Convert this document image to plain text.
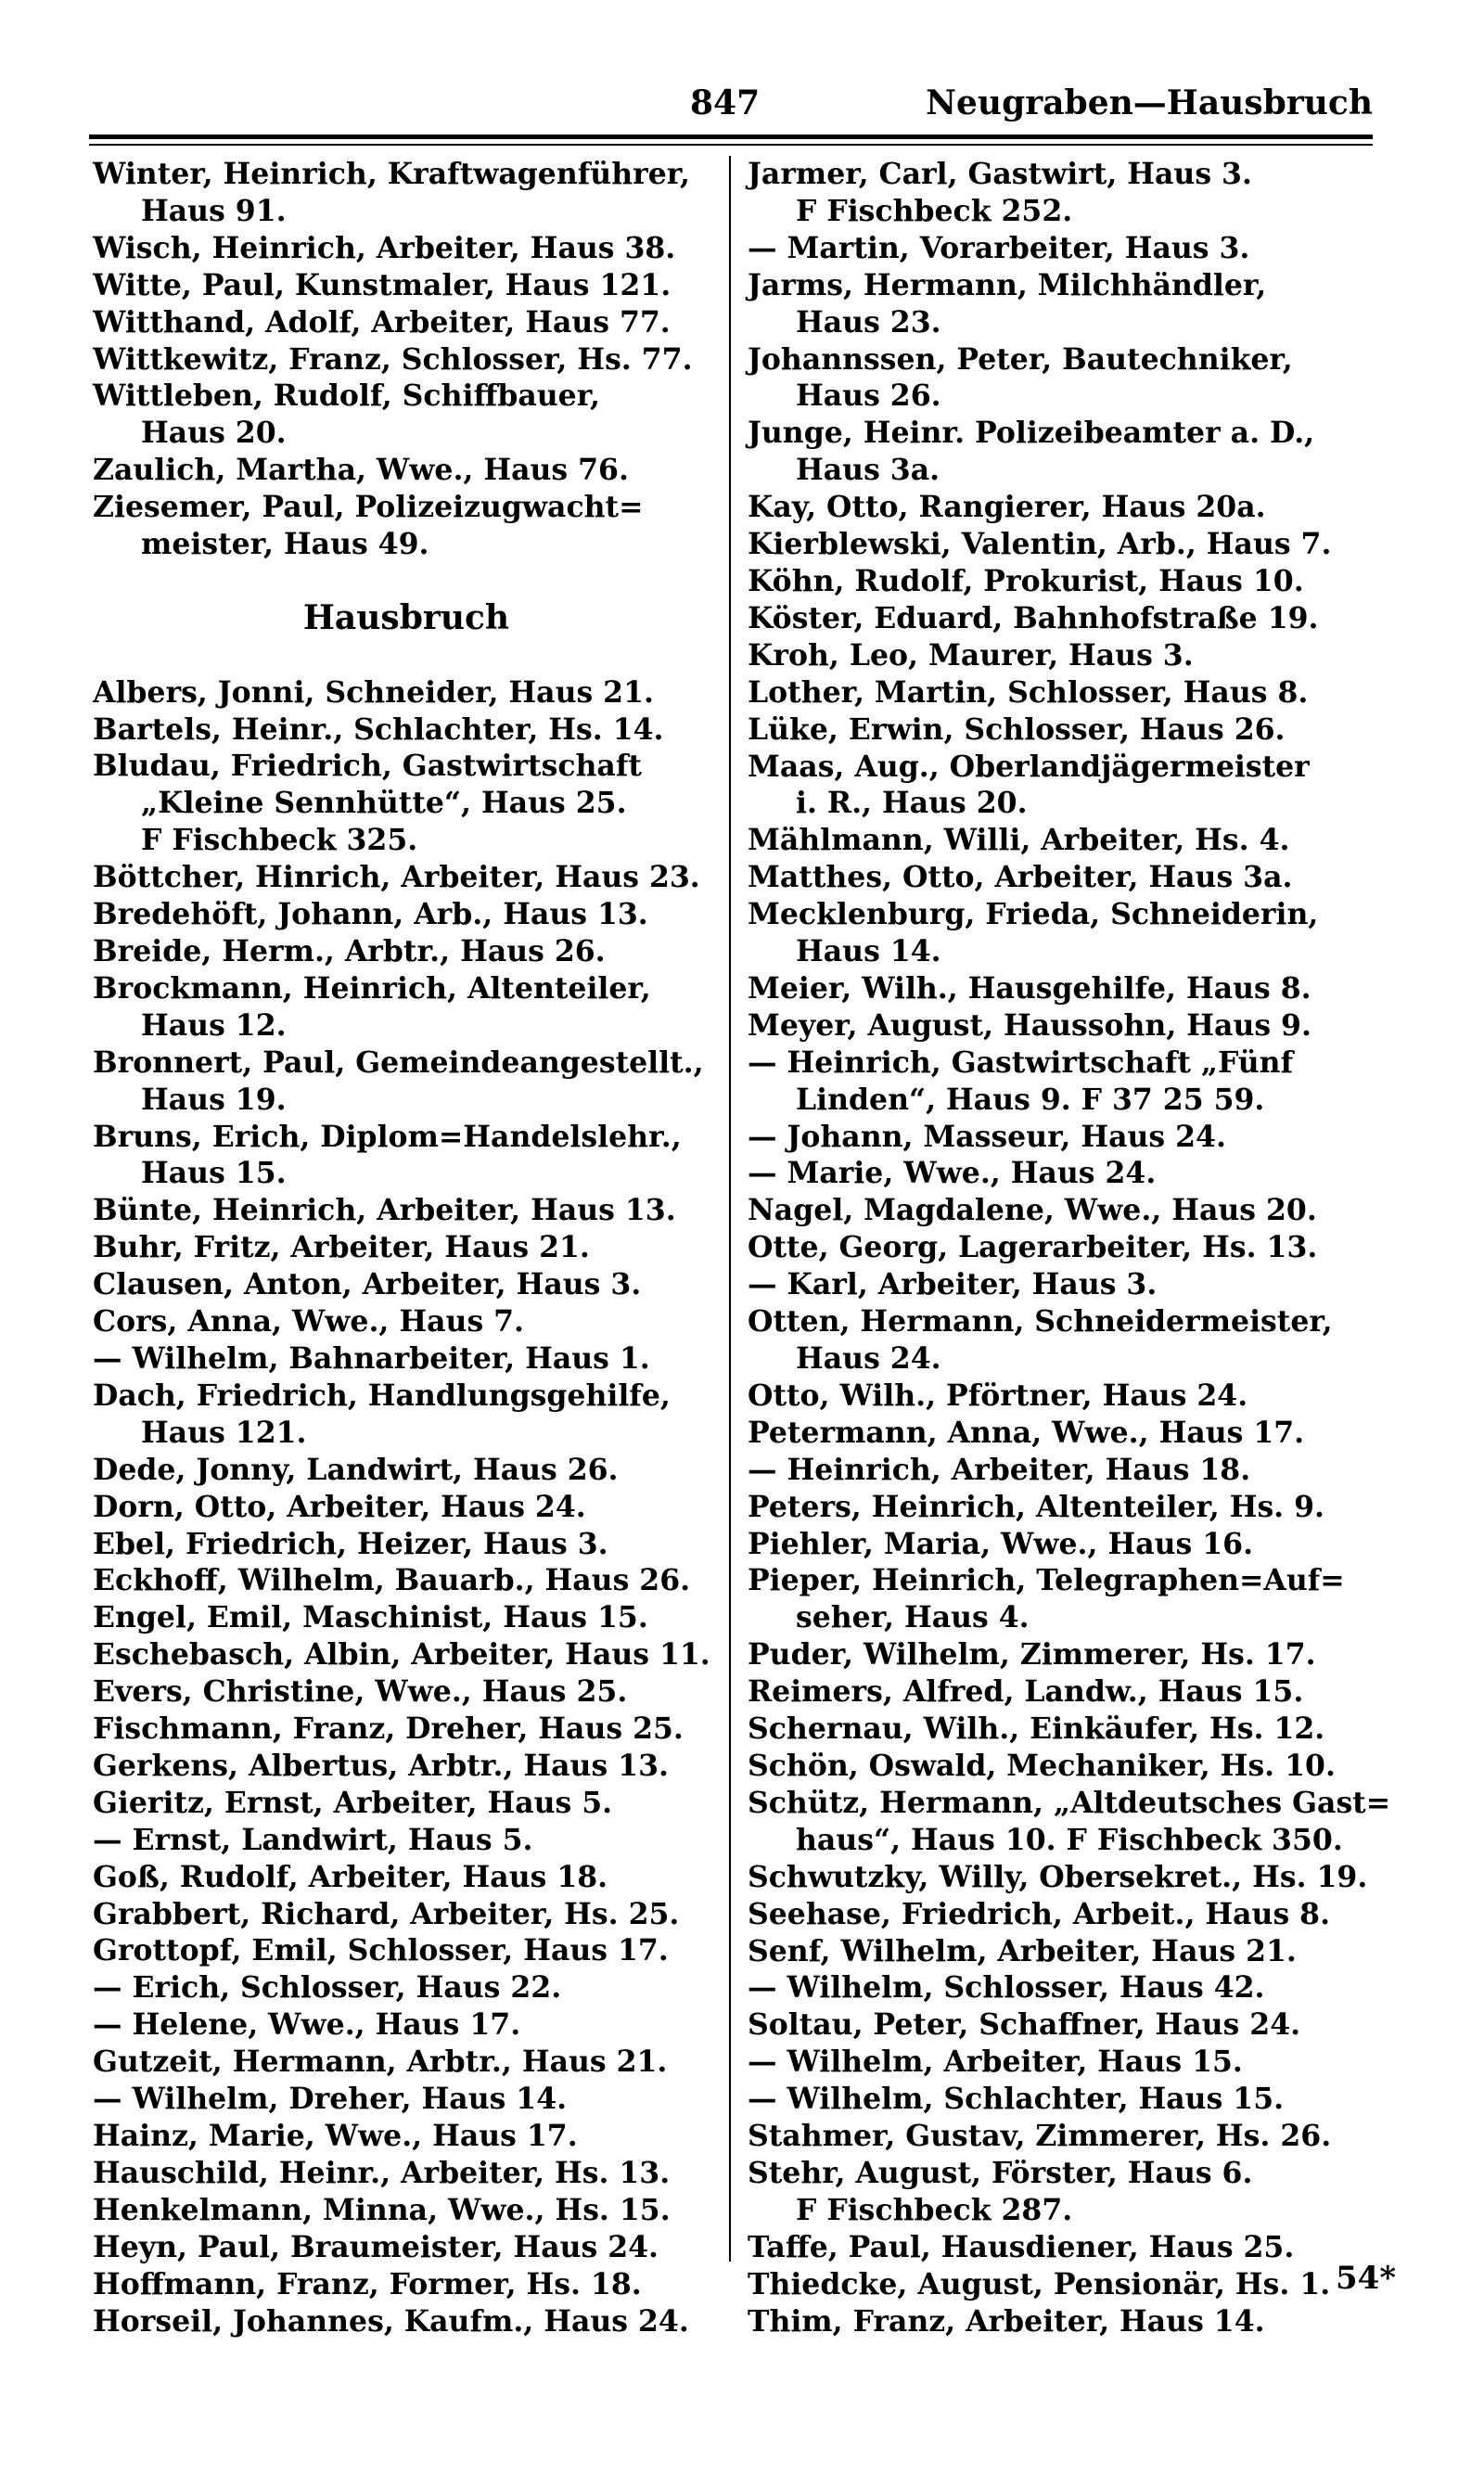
847	Neugraben—Hausbruch
Winter, Heinrich, Kraftwagenführer,
Haus 91.
Wisch, Heinrich, Arbeiter, Haus 38.
Witte, Paul, Kunstmaler, Haus 121.
Witthand, Adolf, Arbeiter, Haus 77.
Wittkewitz, Franz, Schlosser, Hs. 77.
Wittleben, Rudolf, Schiffbauer,
Haus 20.
Zaulich, Martha, Wwe., Haus 76.
Ziesemer, Paul, Polizeizugwacht=
meister, Haus 49.
Hausbruch
Albers, Jonni, Schneider, Haus 21.
Bartels, Heinr., Schlachter, Hs. 14.
Bludau, Friedrich, Gastwirtschaft
„Kleine Sennhütte“, Haus 25.
F Fischbeck 325.
Böttcher, Hinrich, Arbeiter, Haus 23.
Bredehöft, Johann, Arb., Haus 13.
Breide, Herm., Arbtr., Haus 26.
Brockmann, Heinrich, Altenteiler,
Haus 12.
Bronnert, Paul, Gemeindeangestellt.,
Haus 19.
Bruns, Erich, Diplom=Handelslehr.,
Haus 15.
Bünte, Heinrich, Arbeiter, Haus 13.
Buhr, Fritz, Arbeiter, Haus 21.
Clausen, Anton, Arbeiter, Haus 3.
Cors, Anna, Wwe., Haus 7.
— Wilhelm, Bahnarbeiter, Haus 1.
Dach, Friedrich, Handlungsgehilfe,
Haus 121.
Dede, Jonny, Landwirt, Haus 26.
Dorn, Otto, Arbeiter, Haus 24.
Ebel, Friedrich, Heizer, Haus 3.
Eckhoff, Wilhelm, Bauarb., Haus 26.
Engel, Emil, Maschinist, Haus 15.
Eschebasch, Albin, Arbeiter, Haus 11.
Evers, Christine, Wwe., Haus 25.
Fischmann, Franz, Dreher, Haus 25.
Gerkens, Albertus, Arbtr., Haus 13.
Gieritz, Ernst, Arbeiter, Haus 5.
— Ernst, Landwirt, Haus 5.
Goß, Rudolf, Arbeiter, Haus 18.
Grabbert, Richard, Arbeiter, Hs. 25.
Grottopf, Emil, Schlosser, Haus 17.
— Erich, Schlosser, Haus 22.
— Helene, Wwe., Haus 17.
Gutzeit, Hermann, Arbtr., Haus 21.
— Wilhelm, Dreher, Haus 14.
Hainz, Marie, Wwe., Haus 17.
Hauschild, Heinr., Arbeiter, Hs. 13.
Henkelmann, Minna, Wwe., Hs. 15.
Heyn, Paul, Braumeister, Haus 24.
Hoffmann, Franz, Former, Hs. 18.
Horseil, Johannes, Kaufm., Haus 24.
Jarmer, Carl, Gastwirt, Haus 3.
F Fischbeck 252.
— Martin, Vorarbeiter, Haus 3.
Jarms, Hermann, Milchhändler,
Haus 23.
Johannssen, Peter, Bautechniker,
Haus 26.
Junge, Heinr. Polizeibeamter a. D.,
Haus 3a.
Kay, Otto, Rangierer, Haus 20a.
Kierblewski, Valentin, Arb., Haus 7.
Köhn, Rudolf, Prokurist, Haus 10.
Köster, Eduard, Bahnhofstraße 19.
Kroh, Leo, Maurer, Haus 3.
Lother, Martin, Schlosser, Haus 8.
Lüke, Erwin, Schlosser, Haus 26.
Maas, Aug., Oberlandjägermeister
i. R., Haus 20.
Mählmann, Willi, Arbeiter, Hs. 4.
Matthes, Otto, Arbeiter, Haus 3a.
Mecklenburg, Frieda, Schneiderin,
Haus 14.
Meier, Wilh., Hausgehilfe, Haus 8.
Meyer, August, Haussohn, Haus 9.
— Heinrich, Gastwirtschaft „Fünf
Linden“, Haus 9. F 37 25 59.
— Johann, Masseur, Haus 24.
— Marie, Wwe., Haus 24.
Nagel, Magdalene, Wwe., Haus 20.
Otte, Georg, Lagerarbeiter, Hs. 13.
— Karl, Arbeiter, Haus 3.
Otten, Hermann, Schneidermeister,
Haus 24.
Otto, Wilh., Pförtner, Haus 24.
Petermann, Anna, Wwe., Haus 17.
— Heinrich, Arbeiter, Haus 18.
Peters, Heinrich, Altenteiler, Hs. 9.
Piehler, Maria, Wwe., Haus 16.
Pieper, Heinrich, Telegraphen=Auf=
seher, Haus 4.
Puder, Wilhelm, Zimmerer, Hs. 17.
Reimers, Alfred, Landw., Haus 15.
Schernau, Wilh., Einkäufer, Hs. 12.
Schön, Oswald, Mechaniker, Hs. 10.
Schütz, Hermann, „Altdeutsches Gast=
haus“, Haus 10. F Fischbeck 350.
Schwutzky, Willy, Obersekret., Hs. 19.
Seehase, Friedrich, Arbeit., Haus 8.
Senf, Wilhelm, Arbeiter, Haus 21.
— Wilhelm, Schlosser, Haus 42.
Soltau, Peter, Schaffner, Haus 24.
— Wilhelm, Arbeiter, Haus 15.
— Wilhelm, Schlachter, Haus 15.
Stahmer, Gustav, Zimmerer, Hs. 26.
Stehr, August, Förster, Haus 6.
F Fischbeck 287.
Taffe, Paul, Hausdiener, Haus 25.
Thiedcke, August, Pensionär, Hs. 1.
Thim, Franz, Arbeiter, Haus 14.
54*
